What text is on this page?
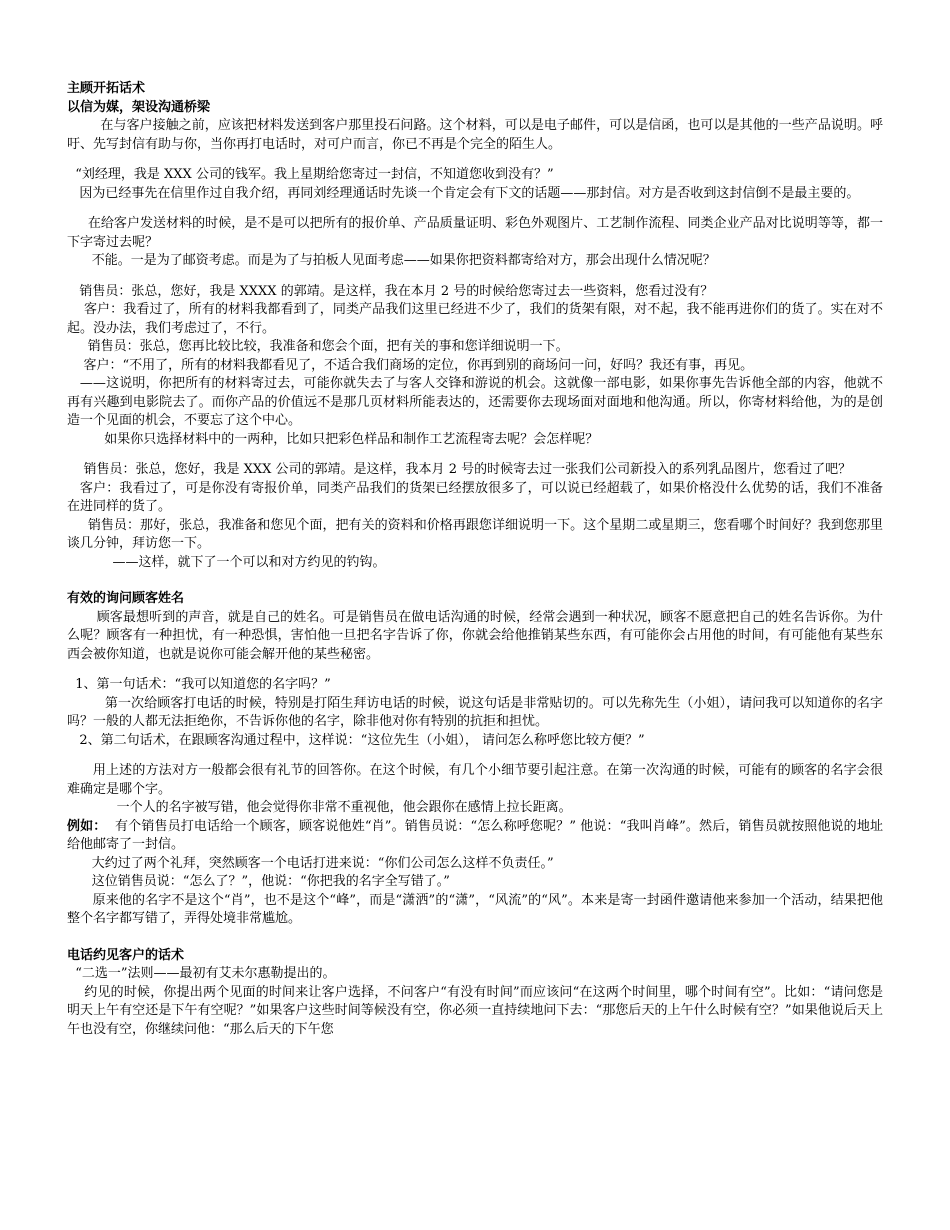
主顾开拓话术

以信为媒，架设沟通桥梁

在与客户接触之前，应该把材料发送到客户那里投石问路。这个材料，可以是电子邮件，可以是信函，也可以是其他的一些产品说明。呼吁、先写封信有助与你，当你再打电话时，对可户而言，你已不再是个完全的陌生人。

“刘经理，我是 XXX 公司的钱军。我上星期给您寄过一封信，不知道您收到没有？”

因为已经事先在信里作过自我介绍，再同刘经理通话时先谈一个肯定会有下文的话题——那封信。对方是否收到这封信倒不是最主要的。

在给客户发送材料的时候，是不是可以把所有的报价单、产品质量证明、彩色外观图片、工艺制作流程、同类企业产品对比说明等等，都一下字寄过去呢？

不能。一是为了邮资考虑。而是为了与拍板人见面考虑——如果你把资料都寄给对方，那会出现什么情况呢？

销售员：张总，您好，我是 XXXX 的郭靖。是这样，我在本月 2 号的时候给您寄过去一些资料，您看过没有？

客户：我看过了，所有的材料我都看到了，同类产品我们这里已经进不少了，我们的货架有限，对不起，我不能再进你们的货了。实在对不起。没办法，我们考虑过了，不行。

销售员：张总，您再比较比较，我准备和您会个面，把有关的事和您详细说明一下。

客户：“不用了，所有的材料我都看见了，不适合我们商场的定位，你再到别的商场问一问，好吗？我还有事，再见。

——这说明，你把所有的材料寄过去，可能你就失去了与客人交锋和游说的机会。这就像一部电影，如果你事先告诉他全部的内容，他就不再有兴趣到电影院去了。而你产品的价值远不是那几页材料所能表达的，还需要你去现场面对面地和他沟通。所以，你寄材料给他，为的是创造一个见面的机会，不要忘了这个中心。

如果你只选择材料中的一两种，比如只把彩色样品和制作工艺流程寄去呢？会怎样呢？

销售员：张总，您好，我是 XXX 公司的郭靖。是这样，我本月 2 号的时候寄去过一张我们公司新投入的系列乳品图片，您看过了吧？

客户：我看过了，可是你没有寄报价单，同类产品我们的货架已经摆放很多了，可以说已经超载了，如果价格没什么优势的话，我们不准备在进同样的货了。

销售员：那好，张总，我准备和您见个面，把有关的资料和价格再跟您详细说明一下。这个星期二或星期三，您看哪个时间好？我到您那里谈几分钟，拜访您一下。

——这样，就下了一个可以和对方约见的钓钩。

有效的询问顾客姓名

顾客最想听到的声音，就是自己的姓名。可是销售员在做电话沟通的时候，经常会遇到一种状况，顾客不愿意把自己的姓名告诉你。为什么呢？顾客有一种担忧，有一种恐惧，害怕他一旦把名字告诉了你，你就会给他推销某些东西，有可能你会占用他的时间，有可能他有某些东西会被你知道，也就是说你可能会解开他的某些秘密。

1、第一句话术：“我可以知道您的名字吗？”

第一次给顾客打电话的时候，特别是打陌生拜访电话的时候，说这句话是非常贴切的。可以先称先生（小姐），请问我可以知道你的名字吗？一般的人都无法拒绝你，不告诉你他的名字，除非他对你有特别的抗拒和担忧。

2、第二句话术，在跟顾客沟通过程中，这样说：“这位先生（小姐）， 请问怎么称呼您比较方便？”

用上述的方法对方一般都会很有礼节的回答你。在这个时候，有几个小细节要引起注意。在第一次沟通的时候，可能有的顾客的名字会很难确定是哪个字。

一个人的名字被写错，他会觉得你非常不重视他，他会跟你在感情上拉长距离。

例如：  有个销售员打电话给一个顾客，顾客说他姓“肖”。销售员说：“怎么称呼您呢？” 他说：“我叫肖峰”。然后，销售员就按照他说的地址给他邮寄了一封信。

大约过了两个礼拜，突然顾客一个电话打进来说：“你们公司怎么这样不负责任。”

这位销售员说：“怎么了？”，他说：“你把我的名字全写错了。”

原来他的名字不是这个“肖”，也不是这个“峰”，而是“潇洒”的“潇”，“风流”的“风”。本来是寄一封函件邀请他来参加一个活动，结果把他整个名字都写错了，弄得处境非常尴尬。

电话约见客户的话术

“二选一”法则——最初有艾未尔惠勒提出的。

约见的时候，你提出两个见面的时间来让客户选择，不问客户“有没有时间”而应该问“在这两个时间里，哪个时间有空”。比如：“请问您是明天上午有空还是下午有空呢？”如果客户这些时间等候没有空，你必须一直持续地问下去：“那您后天的上午什么时候有空？”如果他说后天上午也没有空，你继续问他：“那么后天的下午您
